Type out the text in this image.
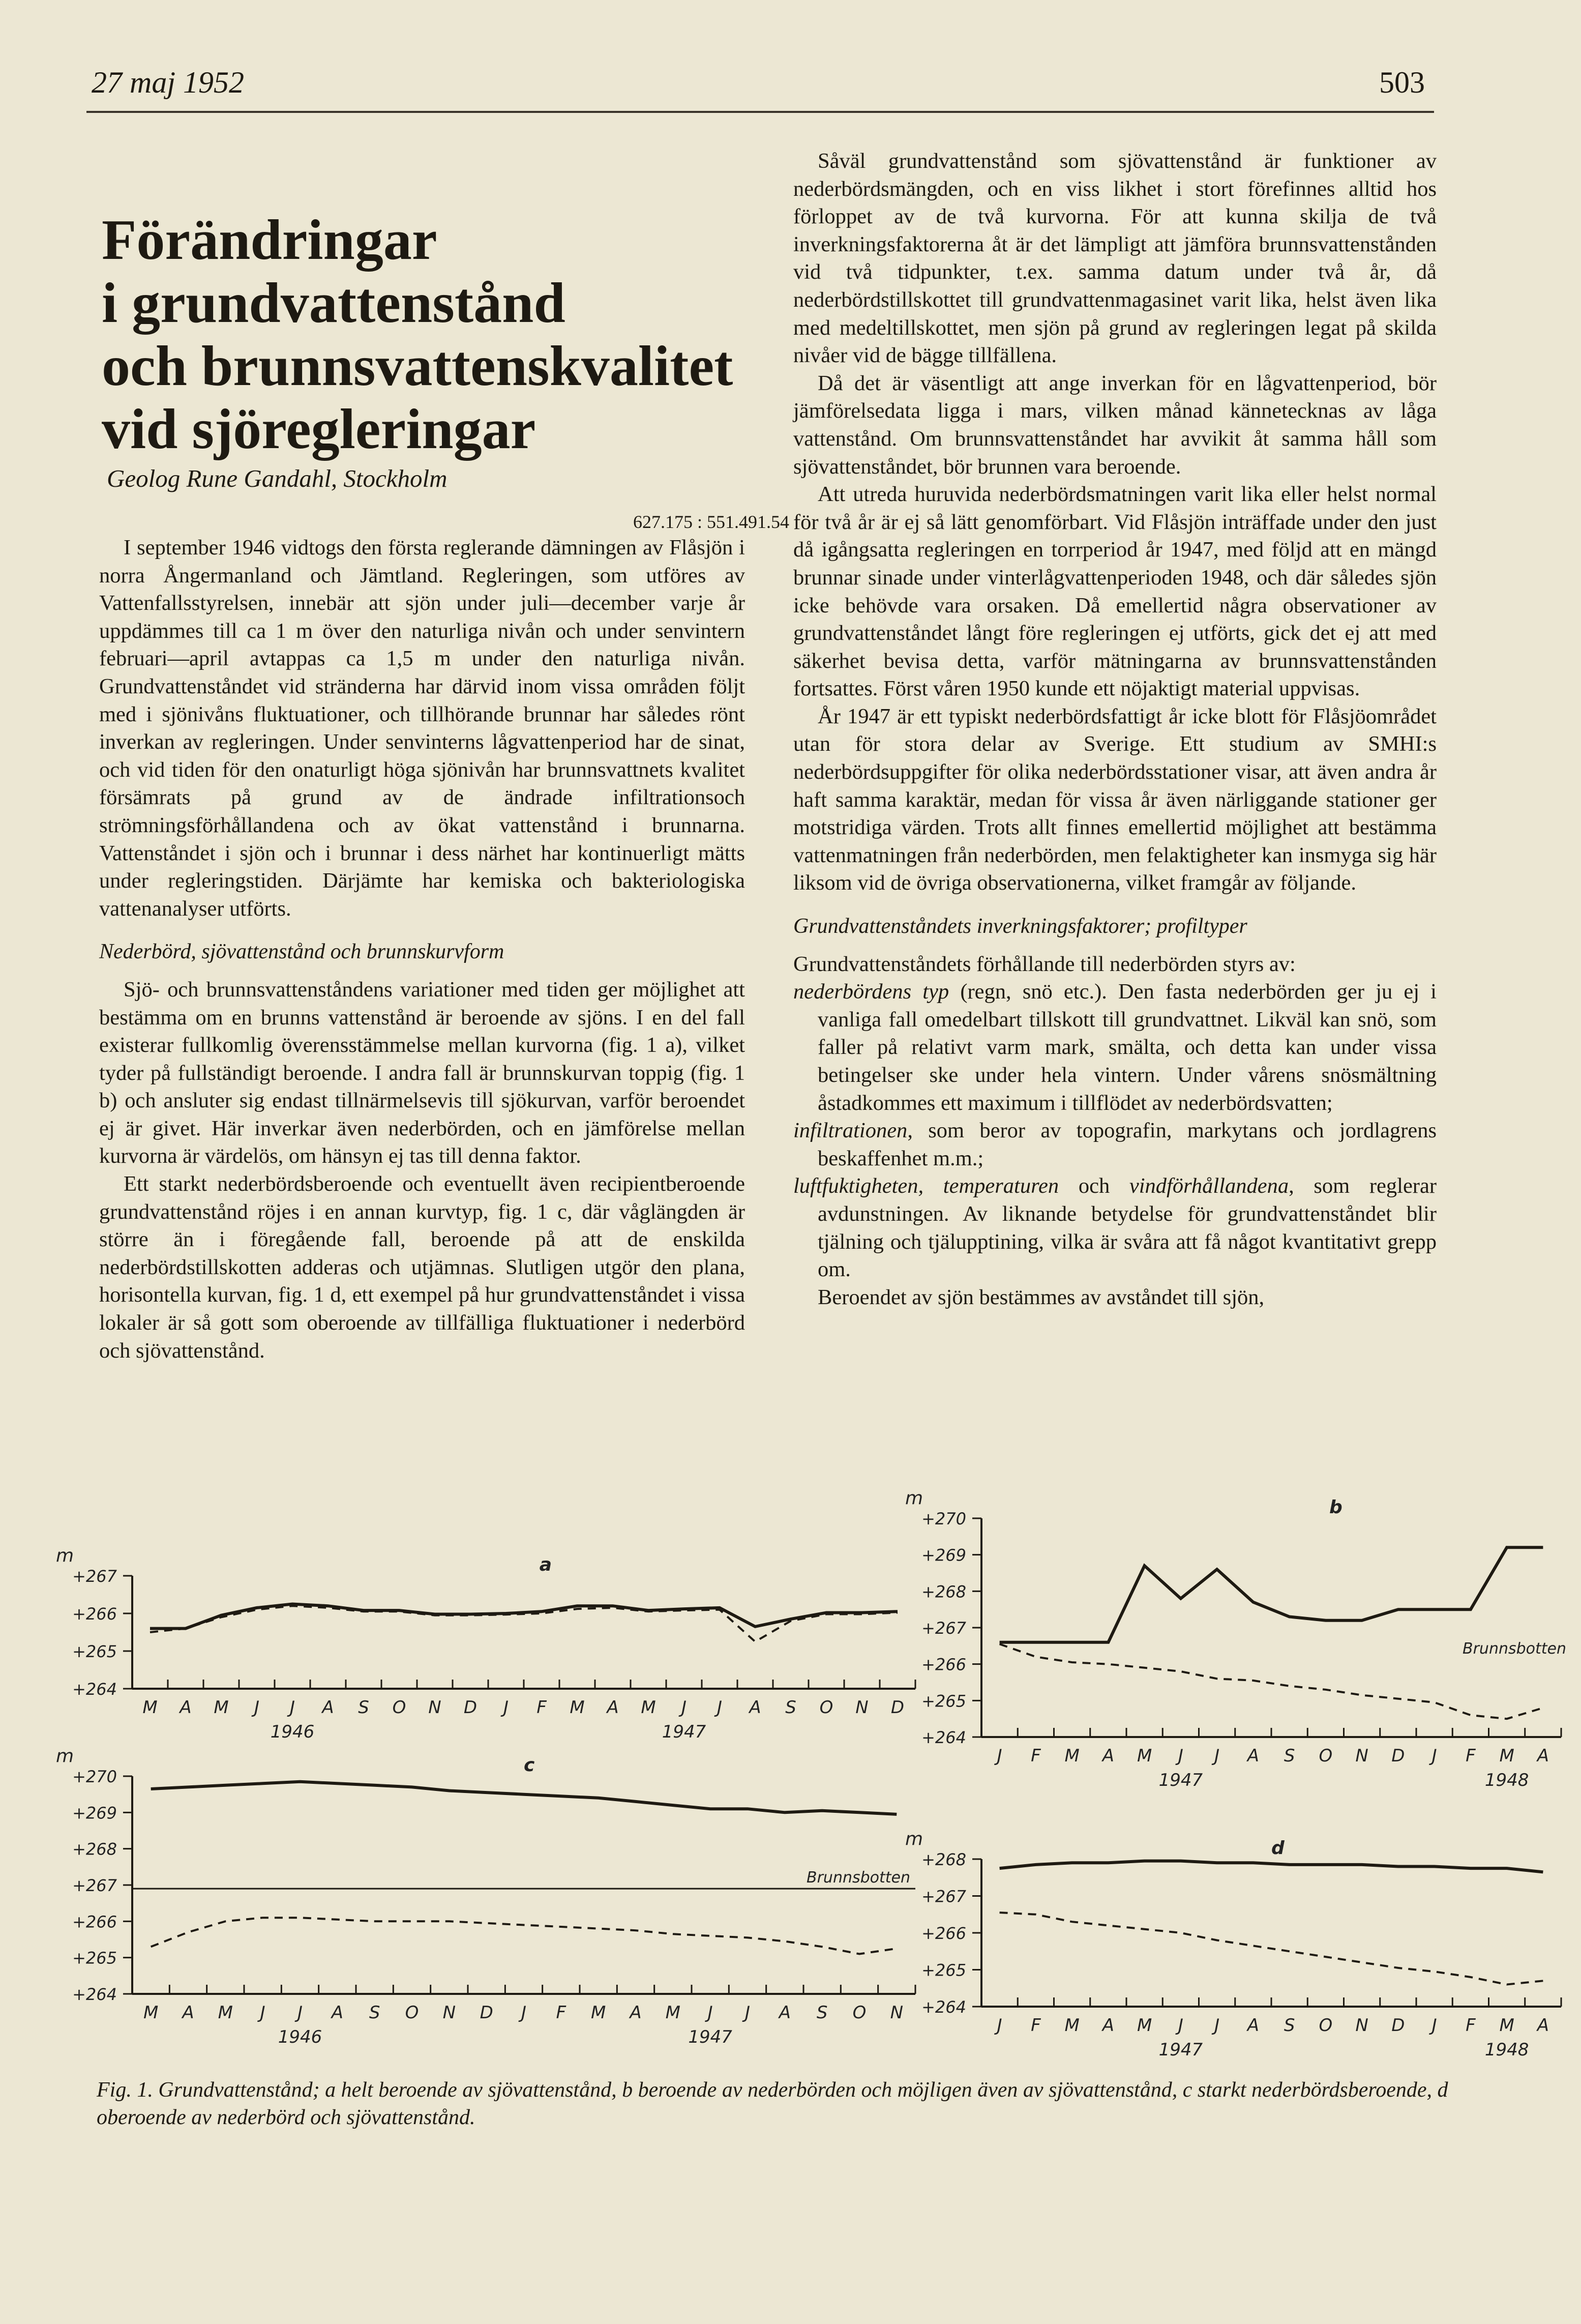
27 maj 1952	503
Förändringar
i grundvattenstånd
och brunnsvattenskvalitet
vid sjöregleringar
Geolog Rune Gandahl, Stockholm
627.175 : 551.491.54

I september 1946 vidtogs den första reglerande dämningen av Flåsjön i norra Ångermanland och Jämtland. Regleringen, som utföres av Vattenfallsstyrelsen, innebär att sjön under juli—december varje år uppdämmes till ca 1 m över den naturliga nivån och under senvintern februari—april avtappas ca 1,5 m under den naturliga nivån. Grundvattenståndet vid stränderna har därvid inom vissa områden följt med i sjönivåns fluktuationer, och tillhörande brunnar har således rönt inverkan av regleringen. Under senvinterns lågvattenperiod har de sinat, och vid tiden för den onaturligt höga sjönivån har brunnsvattnets kvalitet försämrats på grund av de ändrade infiltrationsoch strömningsförhållandena och av ökat vattenstånd i brunnarna. Vattenståndet i sjön och i brunnar i dess närhet har kontinuerligt mätts under regleringstiden. Därjämte har kemiska och bakteriologiska vattenanalyser utförts.

Nederbörd, sjövattenstånd och brunnskurvform

Sjö- och brunnsvattenståndens variationer med tiden ger möjlighet att bestämma om en brunns vattenstånd är beroende av sjöns. I en del fall existerar fullkomlig överensstämmelse mellan kurvorna (fig. 1 a), vilket tyder på fullständigt beroende. I andra fall är brunnskurvan toppig (fig. 1 b) och ansluter sig endast tillnärmelsevis till sjökurvan, varför beroendet ej är givet. Här inverkar även nederbörden, och en jämförelse mellan kurvorna är värdelös, om hänsyn ej tas till denna faktor.

Ett starkt nederbördsberoende och eventuellt även recipientberoende grundvattenstånd röjes i en annan kurvtyp, fig. 1 c, där våglängden är större än i föregående fall, beroende på att de enskilda nederbördstillskotten adderas och utjämnas. Slutligen utgör den plana, horisontella kurvan, fig. 1 d, ett exempel på hur grundvattenståndet i vissa lokaler är så gott som oberoende av tillfälliga fluktuationer i nederbörd och sjövattenstånd.

Såväl grundvattenstånd som sjövattenstånd är funktioner av nederbördsmängden, och en viss likhet i stort förefinnes alltid hos förloppet av de två kurvorna. För att kunna skilja de två inverkningsfaktorerna åt är det lämpligt att jämföra brunnsvattenstånden vid två tidpunkter, t.ex. samma datum under två år, då nederbördstillskottet till grundvattenmagasinet varit lika, helst även lika med medeltillskottet, men sjön på grund av regleringen legat på skilda nivåer vid de bägge tillfällena.

Då det är väsentligt att ange inverkan för en lågvattenperiod, bör jämförelsedata ligga i mars, vilken månad kännetecknas av låga vattenstånd. Om brunnsvattenståndet har avvikit åt samma håll som sjövattenståndet, bör brunnen vara beroende.

Att utreda huruvida nederbördsmatningen varit lika eller helst normal för två år är ej så lätt genomförbart. Vid Flåsjön inträffade under den just då igångsatta regleringen en torrperiod år 1947, med följd att en mängd brunnar sinade under vinterlågvattenperioden 1948, och där således sjön icke behövde vara orsaken. Då emellertid några observationer av grundvattenståndet långt före regleringen ej utförts, gick det ej att med säkerhet bevisa detta, varför mätningarna av brunnsvattenstånden fortsattes. Först våren 1950 kunde ett nöjaktigt material uppvisas.

År 1947 är ett typiskt nederbördsfattigt år icke blott för Flåsjöområdet utan för stora delar av Sverige. Ett studium av SMHI:s nederbördsuppgifter för olika nederbördsstationer visar, att även andra år haft samma karaktär, medan för vissa år även närliggande stationer ger motstridiga värden. Trots allt finnes emellertid möjlighet att bestämma vattenmatningen från nederbörden, men felaktigheter kan insmyga sig här liksom vid de övriga observationerna, vilket framgår av följande.

Grundvattenståndets inverkningsfaktorer; profiltyper

Grundvattenståndets förhållande till nederbörden styrs av:

nederbördens typ (regn, snö etc.). Den fasta nederbörden ger ju ej i vanliga fall omedelbart tillskott till grundvattnet. Likväl kan snö, som faller på relativt varm mark, smälta, och detta kan under vissa betingelser ske under hela vintern. Under vårens snösmältning åstadkommes ett maximum i tillflödet av nederbördsvatten;

infiltrationen, som beror av topografin, markytans och jordlagrens beskaffenhet m.m.;

luftfuktigheten, temperaturen och vindförhållandena, som reglerar avdunstningen. Av liknande betydelse för grundvattenståndet blir tjälning och tjälupptining, vilka är svåra att få något kvantitativt grepp om.

Beroendet av sjön bestämmes av avståndet till sjön,

m	a
+267
+266
+265
+264
M A M J J A S O N D J F M A M J J A S O N D
1946	1947
m	b
+270
+269
+268
+267
+266
+265
+264
J F M A M J J A S O N D J F M A
1947	1948
Brunnsbotten
m	c
+270
+269
+268
+267
+266
+265
+264
M A M J J A S O N D J F M A M J J A S O N
1946	1947
Brunnsbotten
m	d
+268
+267
+266
+265
+264
J F M A M J J A S O N D J F M A
1947	1948
Fig. 1. Grundvattenstånd; a helt beroende av sjövattenstånd, b beroende av nederbörden och möjligen även av sjövattenstånd, c starkt nederbördsberoende, d oberoende av nederbörd och sjövattenstånd.
